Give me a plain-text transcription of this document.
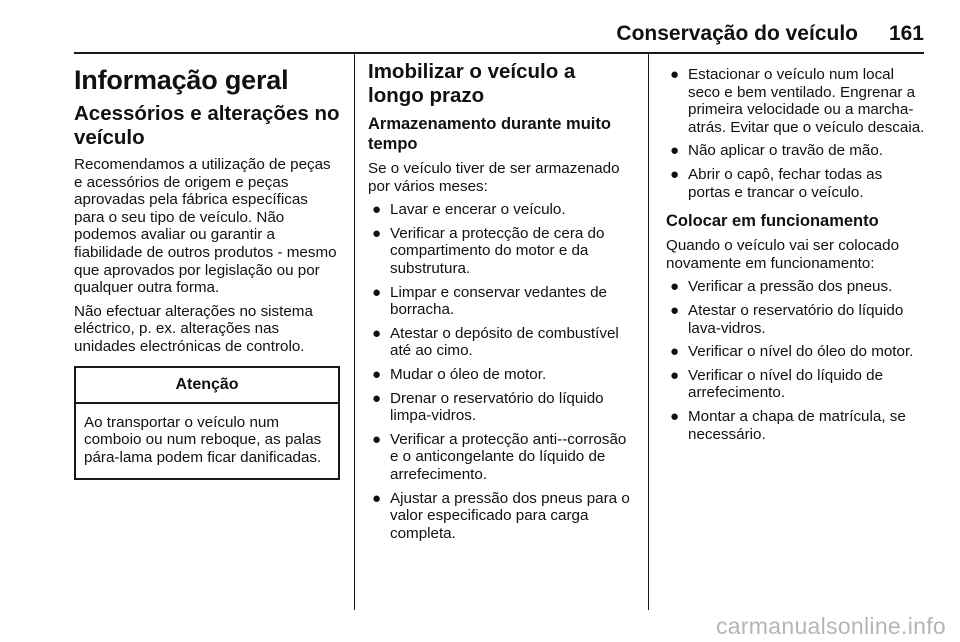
Conservação do veículo 161
Informação geral
Acessórios e alterações no veículo

Recomendamos a utilização de peças e acessórios de origem e peças aprovadas pela fábrica específicas para o seu tipo de veículo. Não podemos avaliar ou garantir a fiabilidade de outros produtos - mesmo que aprovados por legislação ou por qualquer outra forma.

Não efectuar alterações no sistema eléctrico, p. ex. alterações nas unidades electrónicas de controlo.

Atenção
Ao transportar o veículo num comboio ou num reboque, as palas pára-lama podem ficar danificadas.
Imobilizar o veículo a longo prazo
Armazenamento durante muito tempo

Se o veículo tiver de ser armazenado por vários meses:

● Lavar e encerar o veículo.
● Verificar a protecção de cera do compartimento do motor e da substrutura.
● Limpar e conservar vedantes de borracha.
● Atestar o depósito de combustível até ao cimo.
● Mudar o óleo de motor.
● Drenar o reservatório do líquido limpa-vidros.
● Verificar a protecção anti--corrosão e o anticongelante do líquido de arrefecimento.
● Ajustar a pressão dos pneus para o valor especificado para carga completa.
● Estacionar o veículo num local seco e bem ventilado. Engrenar a primeira velocidade ou a marcha-atrás. Evitar que o veículo descaia.
● Não aplicar o travão de mão.
● Abrir o capô, fechar todas as portas e trancar o veículo.
Colocar em funcionamento

Quando o veículo vai ser colocado novamente em funcionamento:

● Verificar a pressão dos pneus.
● Atestar o reservatório do líquido lava-vidros.
● Verificar o nível do óleo do motor.
● Verificar o nível do líquido de arrefecimento.
● Montar a chapa de matrícula, se necessário.
carmanualsonline.info
